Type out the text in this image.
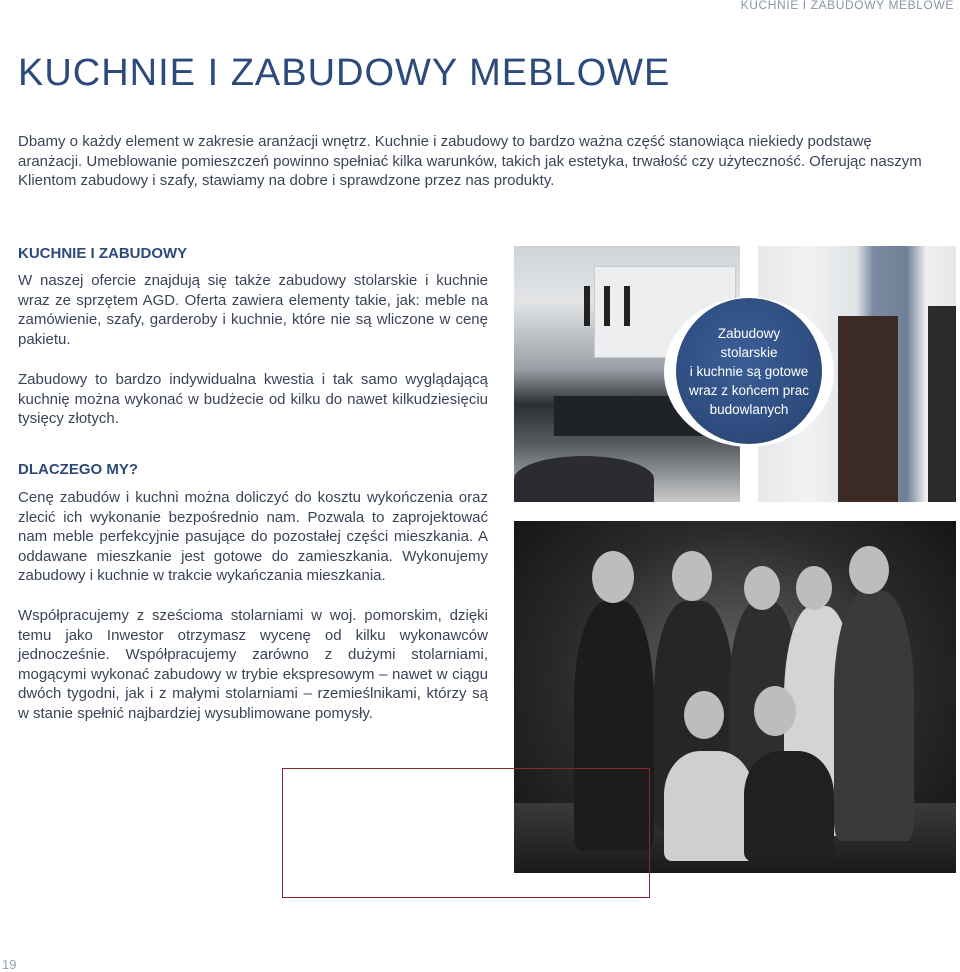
KUCHNIE I ZABUDOWY MEBLOWE
KUCHNIE I ZABUDOWY MEBLOWE

Dbamy o każdy element w zakresie aranżacji wnętrz. Kuchnie i zabudowy to bardzo ważna część stanowiąca niekiedy podstawę aranżacji. Umeblowanie pomieszczeń powinno spełniać kilka warunków, takich jak estetyka, trwałość czy użyteczność. Oferując naszym Klientom zabudowy i szafy, stawiamy na dobre i sprawdzone przez nas produkty.

KUCHNIE I ZABUDOWY

W naszej ofercie znajdują się także zabudowy stolarskie i kuchnie wraz ze sprzętem AGD. Oferta zawiera elementy takie, jak: meble na zamówienie, szafy, garderoby i kuchnie, które nie są wliczone w cenę pakietu.

Zabudowy to bardzo indywidualna kwestia i tak samo wyglądającą kuchnię można wykonać w budżecie od kilku do nawet kilkudziesięciu tysięcy złotych.

DLACZEGO MY?

Cenę zabudów i kuchni można doliczyć do kosztu wykończenia oraz zlecić ich wykonanie bezpośrednio nam. Pozwala to zaprojektować nam meble perfekcyjnie pasujące do pozostałej części mieszkania. A oddawane mieszkanie jest gotowe do zamieszkania. Wykonujemy zabudowy i kuchnie w trakcie wykańczania mieszkania.

Współpracujemy z sześcioma stolarniami w woj. pomorskim, dzięki temu jako Inwestor otrzymasz wycenę od kilku wykonawców jednocześnie. Współpracujemy zarówno z dużymi stolarniami, mogącymi wykonać zabudowy w trybie ekspresowym – nawet w ciągu dwóch tygodni, jak i z małymi stolarniami – rzemieślnikami, którzy są w stanie spełnić najbardziej wysublimowane pomysły.

Zabudowy
stolarskie
i kuchnie są gotowe
wraz z końcem prac
budowlanych
19
